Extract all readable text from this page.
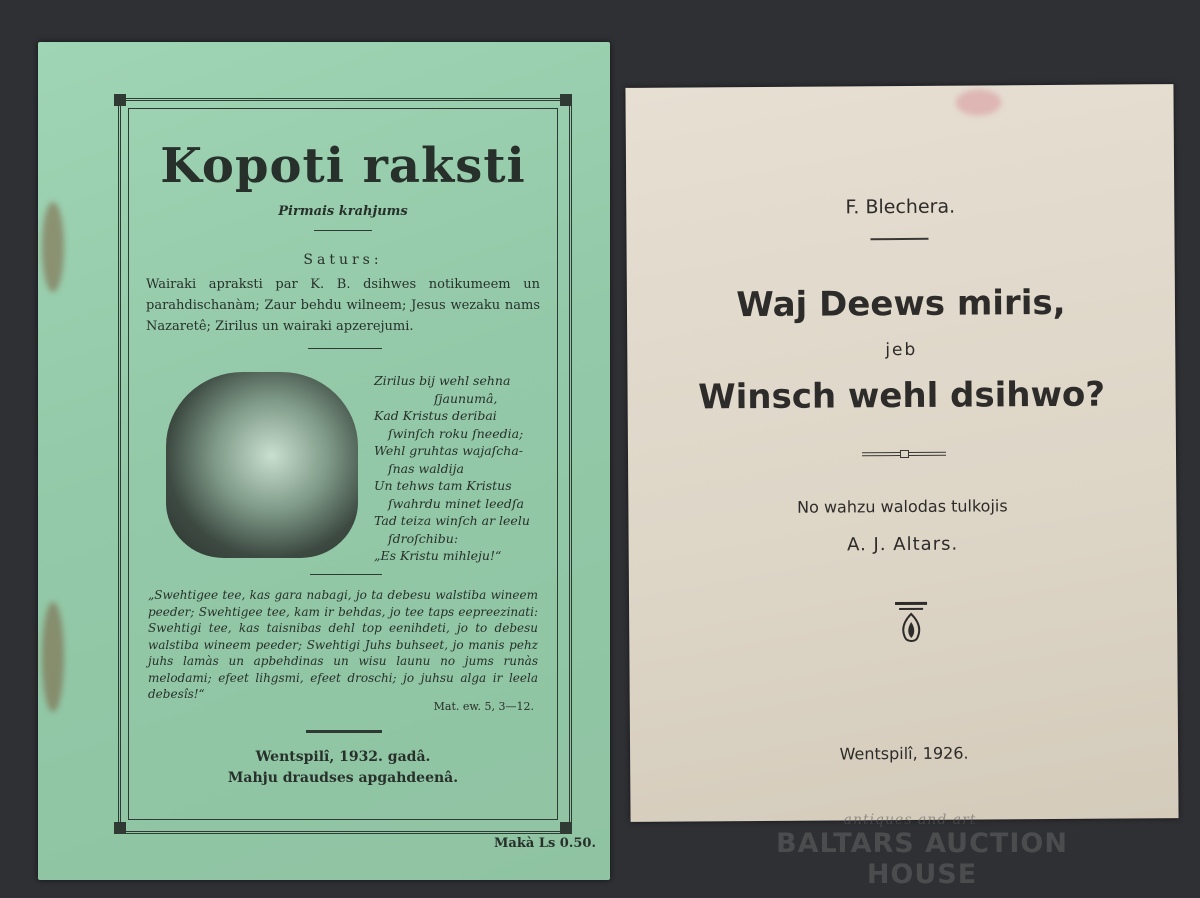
Kopoti raksti
Pirmais krahjums
Saturs:
Wairaki apraksti par K. B. dsihwes notikumeem un parahdischanàm; Zaur behdu wilneem; Jesus wezaku nams Nazaretê; Zirilus un wairaki apzerejumi.
Zirilus bij wehl sehna
ſjaunumâ,
Kad Kristus deribai
ſwinſch roku ſneedia;
Wehl gruhtas wajaſcha-
ſnas waldija
Un tehws tam Kristus
ſwahrdu minet leedſa
Tad teiza winſch ar leelu
ſdroſchibu:
„Es Kristu mihleju!“
„Swehtigee tee, kas gara nabagi, jo ta debesu walstiba wineem peeder; Swehtigee tee, kam ir behdas, jo tee taps eepreezinati: Swehtigi tee, kas taisnibas dehl top eenihdeti, jo to debesu walstiba wineem peeder; Swehtigi Juhs buhseet, jo manis pehz juhs lamàs un apbehdinas un wisu launu no jums runàs melodami; efeet lihgsmi, efeet droschi; jo juhsu alga ir leela debesîs!“
Mat. ew. 5, 3—12.
Wentspilî, 1932. gadâ.
Mahju draudses apgahdeenâ.
Makà Ls 0.50.
F. Blechera.
Waj Deews miris,
jeb
Winsch wehl dsihwo?
No wahzu walodas tulkojis
A. J. Altars.
Wentspilî, 1926.
antiques and art
BALTARS AUCTION HOUSE
